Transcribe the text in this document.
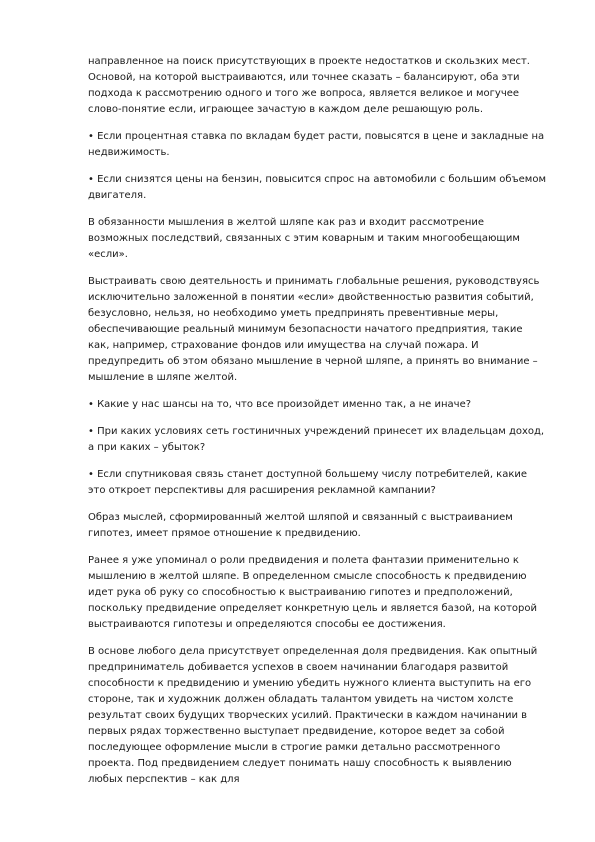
направленное на поиск присутствующих в проекте недостатков и скользких мест. Основой, на которой выстраиваются, или точнее сказать – балансируют, оба эти подхода к рассмотрению одного и того же вопроса, является великое и могучее слово-понятие если, играющее зачастую в каждом деле решающую роль.

• Если процентная ставка по вкладам будет расти, повысятся в цене и закладные на недвижимость.

• Если снизятся цены на бензин, повысится спрос на автомобили с большим объемом двигателя.

В обязанности мышления в желтой шляпе как раз и входит рассмотрение возможных последствий, связанных с этим коварным и таким многообещающим «если».

Выстраивать свою деятельность и принимать глобальные решения, руководствуясь исключительно заложенной в понятии «если» двойственностью развития событий, безусловно, нельзя, но необходимо уметь предпринять превентивные меры, обеспечивающие реальный минимум безопасности начатого предприятия, такие как, например, страхование фондов или имущества на случай пожара. И предупредить об этом обязано мышление в черной шляпе, а принять во внимание – мышление в шляпе желтой.

• Какие у нас шансы на то, что все произойдет именно так, а не иначе?

• При каких условиях сеть гостиничных учреждений принесет их владельцам доход, а при каких – убыток?

• Если спутниковая связь станет доступной большему числу потребителей, какие это откроет перспективы для расширения рекламной кампании?

Образ мыслей, сформированный желтой шляпой и связанный с выстраиванием гипотез, имеет прямое отношение к предвидению.

Ранее я уже упоминал о роли предвидения и полета фантазии применительно к мышлению в желтой шляпе. В определенном смысле способность к предвидению идет рука об руку со способностью к выстраиванию гипотез и предположений, поскольку предвидение определяет конкретную цель и является базой, на которой выстраиваются гипотезы и определяются способы ее достижения.

В основе любого дела присутствует определенная доля предвидения. Как опытный предприниматель добивается успехов в своем начинании благодаря развитой способности к предвидению и умению убедить нужного клиента выступить на его стороне, так и художник должен обладать талантом увидеть на чистом холсте результат своих будущих творческих усилий. Практически в каждом начинании в первых рядах торжественно выступает предвидение, которое ведет за собой последующее оформление мысли в строгие рамки детально рассмотренного проекта. Под предвидением следует понимать нашу способность к выявлению любых перспектив – как для
